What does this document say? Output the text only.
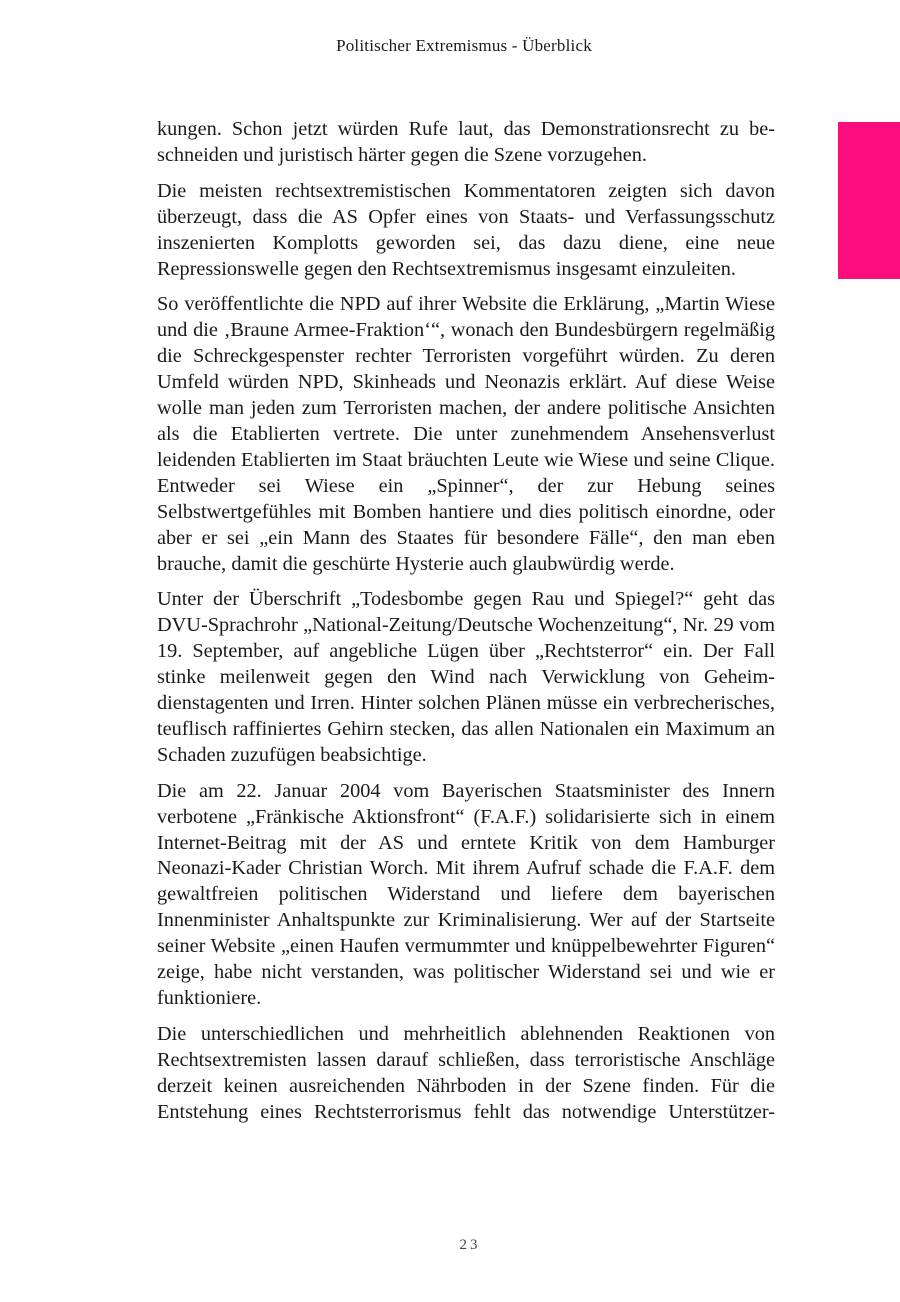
Politischer Extremismus - Überblick

kungen. Schon jetzt würden Rufe laut, das Demonstrationsrecht zu beschneiden und juristisch härter gegen die Szene vorzugehen.

Die meisten rechtsextremistischen Kommentatoren zeigten sich davon überzeugt, dass die AS Opfer eines von Staats- und Verfassungsschutz inszenierten Komplotts geworden sei, das dazu diene, eine neue Repressionswelle gegen den Rechtsextremismus insgesamt einzuleiten.

So veröffentlichte die NPD auf ihrer Website die Erklärung, „Martin Wiese und die ‚Braune Armee-Fraktion‘“, wonach den Bundesbürgern regelmäßig die Schreckgespenster rechter Terroristen vorgeführt würden. Zu deren Umfeld würden NPD, Skinheads und Neonazis erklärt. Auf diese Weise wolle man jeden zum Terroristen machen, der andere politische Ansichten als die Etablierten vertrete. Die unter zunehmendem Ansehensverlust leidenden Etablierten im Staat bräuchten Leute wie Wiese und seine Clique. Entweder sei Wiese ein „Spinner“, der zur Hebung seines Selbstwertgefühles mit Bomben hantiere und dies politisch einordne, oder aber er sei „ein Mann des Staates für besondere Fälle“, den man eben brauche, damit die geschürte Hysterie auch glaubwürdig werde.

Unter der Überschrift „Todesbombe gegen Rau und Spiegel?“ geht das DVU-Sprachrohr „National-Zeitung/Deutsche Wochenzeitung“, Nr. 29 vom 19. September, auf angebliche Lügen über „Rechtsterror“ ein. Der Fall stinke meilenweit gegen den Wind nach Verwicklung von Geheimdienstagenten und Irren. Hinter solchen Plänen müsse ein verbrecherisches, teuflisch raffiniertes Gehirn stecken, das allen Nationalen ein Maximum an Schaden zuzufügen beabsichtige.

Die am 22. Januar 2004 vom Bayerischen Staatsminister des Innern verbotene „Fränkische Aktionsfront“ (F.A.F.) solidarisierte sich in einem Internet-Beitrag mit der AS und erntete Kritik von dem Hamburger Neonazi-Kader Christian Worch. Mit ihrem Aufruf schade die F.A.F. dem gewaltfreien politischen Widerstand und liefere dem bayerischen Innenminister Anhaltspunkte zur Kriminalisierung. Wer auf der Startseite seiner Website „einen Haufen vermummter und knüppelbewehrter Figuren“ zeige, habe nicht verstanden, was politischer Widerstand sei und wie er funktioniere.

Die unterschiedlichen und mehrheitlich ablehnenden Reaktionen von Rechtsextremisten lassen darauf schließen, dass terroristische Anschläge derzeit keinen ausreichenden Nährboden in der Szene finden. Für die Entstehung eines Rechtsterrorismus fehlt das notwendige Unterstützer-

23
